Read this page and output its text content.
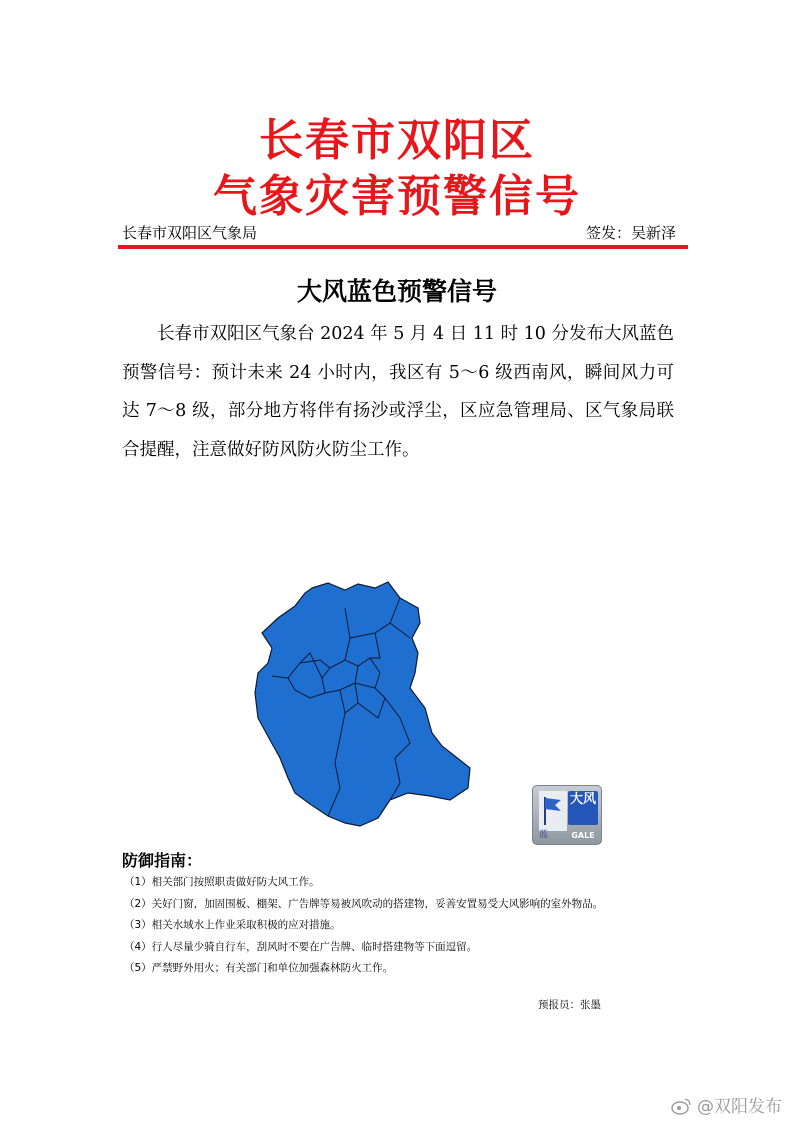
长春市双阳区
气象灾害预警信号
长春市双阳区气象局	签发：吴新泽
大风蓝色预警信号

长春市双阳区气象台 2024 年 5 月 4 日 11 时 10 分发布大风蓝色预警信号：预计未来 24 小时内，我区有 5～6 级西南风，瞬间风力可达 7～8 级，部分地方将伴有扬沙或浮尘，区应急管理局、区气象局联合提醒，注意做好防风防火防尘工作。

蓝
大风
GALE
防御指南：
（1）相关部门按照职责做好防大风工作。
（2）关好门窗，加固围板、棚架、广告牌等易被风吹动的搭建物，妥善安置易受大风影响的室外物品。
（3）相关水域水上作业采取积极的应对措施。
（4）行人尽量少骑自行车，刮风时不要在广告牌、临时搭建物等下面逗留。
（5）严禁野外用火；有关部门和单位加强森林防火工作。
预报员：张墨
@双阳发布
